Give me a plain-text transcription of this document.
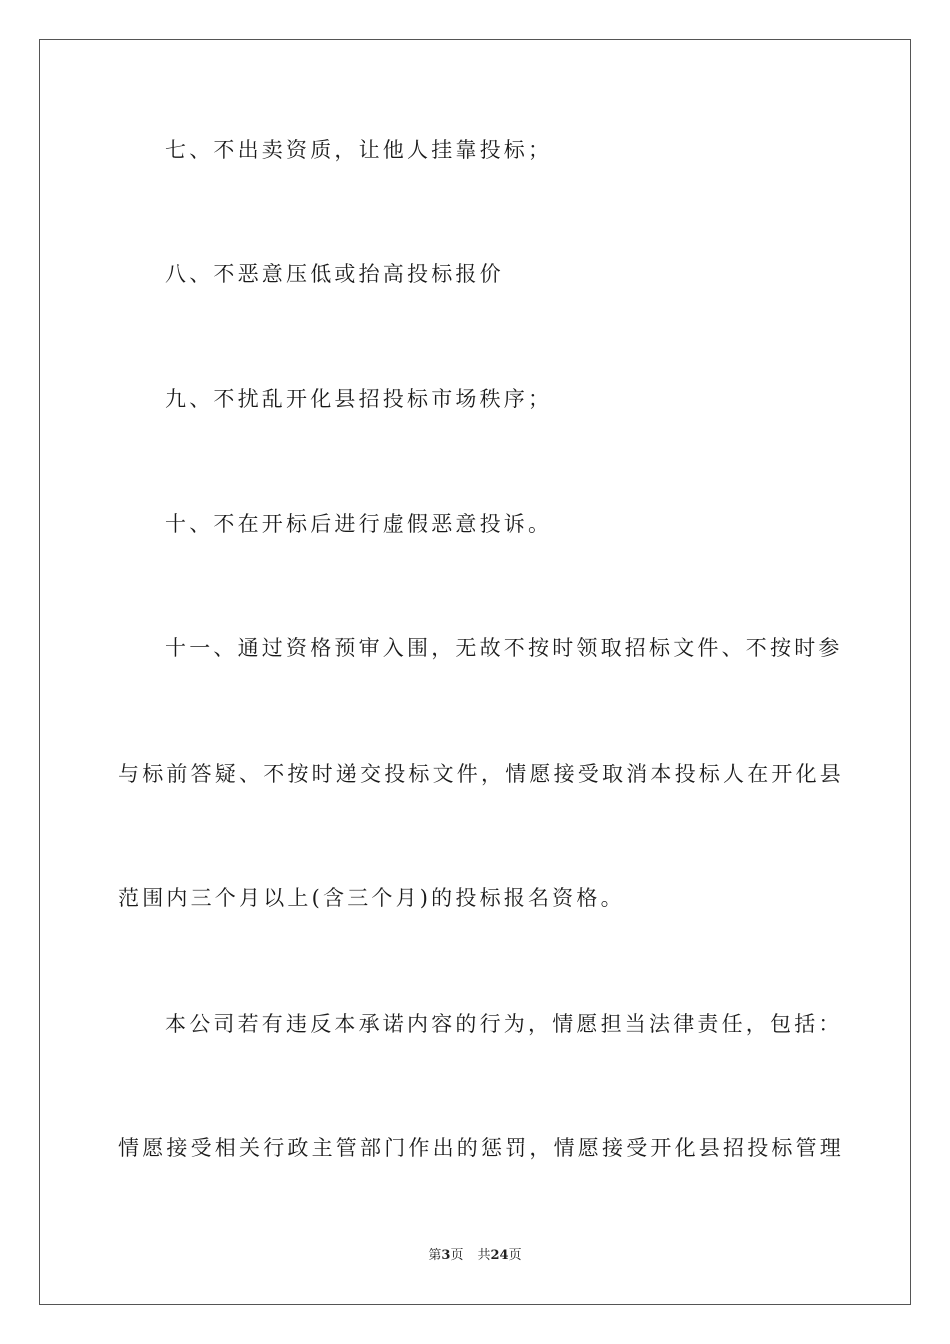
七、不出卖资质，让他人挂靠投标；
八、不恶意压低或抬高投标报价
九、不扰乱开化县招投标市场秩序；
十、不在开标后进行虚假恶意投诉。
十一、通过资格预审入围，无故不按时领取招标文件、不按时参
与标前答疑、不按时递交投标文件，情愿接受取消本投标人在开化县
范围内三个月以上(含三个月)的投标报名资格。
本公司若有违反本承诺内容的行为，情愿担当法律责任，包括：
情愿接受相关行政主管部门作出的惩罚，情愿接受开化县招投标管理
第3页 共24页
